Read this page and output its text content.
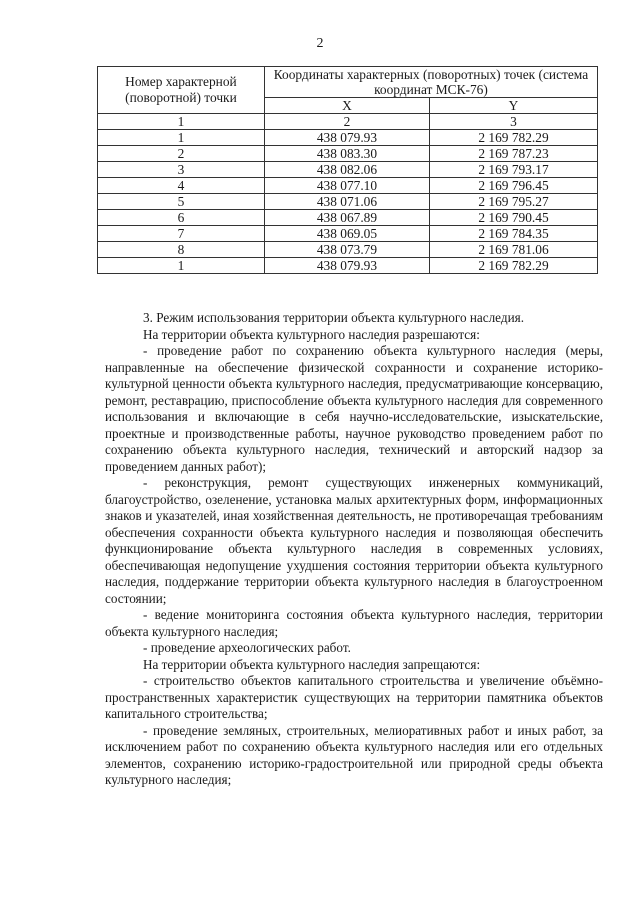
2
Номер характерной (поворотной) точки	Координаты характерных (поворотных) точек (система координат МСК-76)	
	X	Y
1	2	3
1	438 079.93	2 169 782.29
2	438 083.30	2 169 787.23
3	438 082.06	2 169 793.17
4	438 077.10	2 169 796.45
5	438 071.06	2 169 795.27
6	438 067.89	2 169 790.45
7	438 069.05	2 169 784.35
8	438 073.79	2 169 781.06
1	438 079.93	2 169 782.29

3. Режим использования территории объекта культурного наследия.

На территории объекта культурного наследия разрешаются:

- проведение работ по сохранению объекта культурного наследия (меры, направленные на обеспечение физической сохранности и сохранение историко-культурной ценности объекта культурного наследия, предусматривающие консервацию, ремонт, реставрацию, приспособление объекта культурного наследия для современного использования и включающие в себя научно-исследовательские, изыскательские, проектные и производственные работы, научное руководство проведением работ по сохранению объекта культурного наследия, технический и авторский надзор за проведением данных работ);

- реконструкция, ремонт существующих инженерных коммуникаций, благоустройство, озеленение, установка малых архитектурных форм, информационных знаков и указателей, иная хозяйственная деятельность, не противоречащая требованиям обеспечения сохранности объекта культурного наследия и позволяющая обеспечить функционирование объекта культурного наследия в современных условиях, обеспечивающая недопущение ухудшения состояния территории объекта культурного наследия, поддержание территории объекта культурного наследия в благоустроенном состоянии;

- ведение мониторинга состояния объекта культурного наследия, территории объекта культурного наследия;

- проведение археологических работ.

На территории объекта культурного наследия запрещаются:

- строительство объектов капитального строительства и увеличение объёмно-пространственных характеристик существующих на территории памятника объектов капитального строительства;

- проведение земляных, строительных, мелиоративных работ и иных работ, за исключением работ по сохранению объекта культурного наследия или его отдельных элементов, сохранению историко-градостроительной или природной среды объекта культурного наследия;
